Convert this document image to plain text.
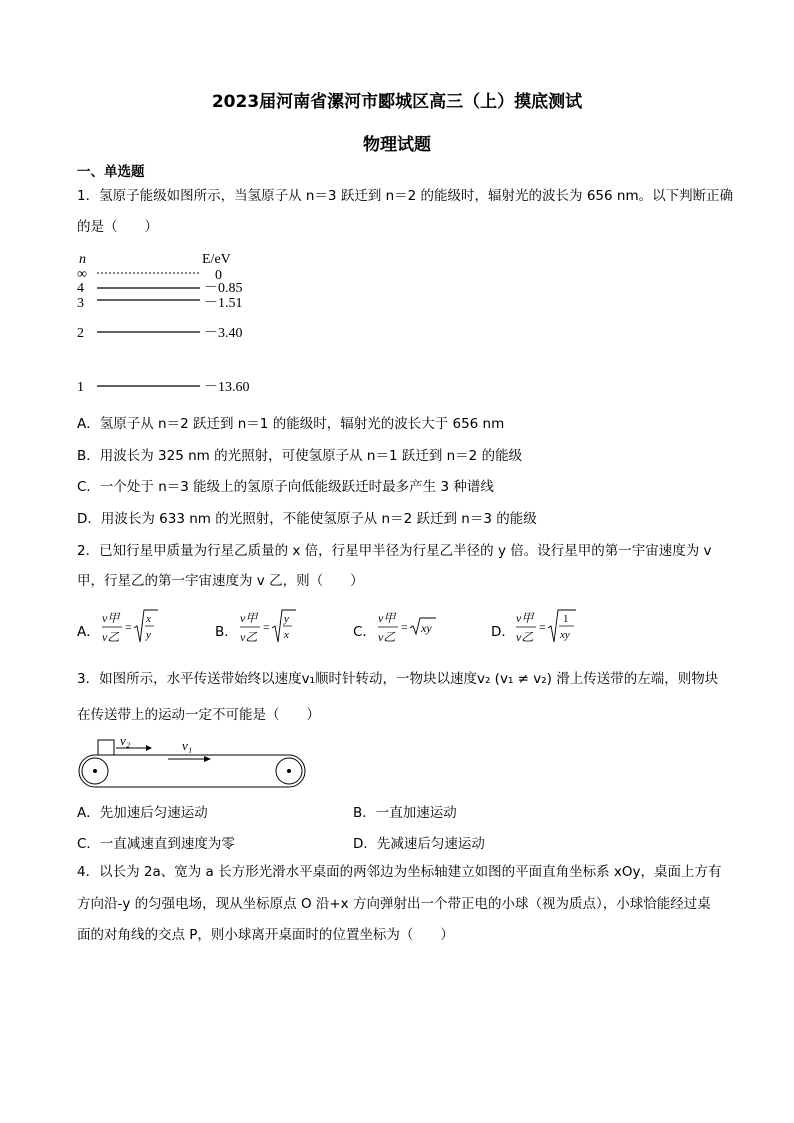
2023届河南省漯河市郾城区高三（上）摸底测试
物理试题
一、单选题
1．氢原子能级如图所示，当氢原子从 n＝3 跃迁到 n＝2 的能级时，辐射光的波长为 656 nm。以下判断正确
的是（　　）
n	E/eV
∞	0
4	－0.85
3	－1.51
2	－3.40
1	－13.60
A．氢原子从 n＝2 跃迁到 n＝1 的能级时，辐射光的波长大于 656 nm
B．用波长为 325 nm 的光照射，可使氢原子从 n＝1 跃迁到 n＝2 的能级
C．一个处于 n＝3 能级上的氢原子向低能级跃迁时最多产生 3 种谱线
D．用波长为 633 nm 的光照射，不能使氢原子从 n＝2 跃迁到 n＝3 的能级
2．已知行星甲质量为行星乙质量的 x 倍，行星甲半径为行星乙半径的 y 倍。设行星甲的第一宇宙速度为 v
甲，行星乙的第一宇宙速度为 v 乙，则（　　）
A．
v甲
v乙
=
x
y	B．
v甲
v乙
=
y
x	C．
v甲
v乙
= xy	D．
v甲
v乙
=
1
xy
3．如图所示，水平传送带始终以速度v₁顺时针转动，一物块以速度v₂ (v₁ ≠ v₂) 滑上传送带的左端，则物块
在传送带上的运动一定不可能是（　　）
v₂	v₁
A．先加速后匀速运动	B．一直加速运动
C．一直减速直到速度为零	D．先减速后匀速运动
4．以长为 2a、宽为 a 长方形光滑水平桌面的两邻边为坐标轴建立如图的平面直角坐标系 xOy，桌面上方有
方向沿-y 的匀强电场，现从坐标原点 O 沿+x 方向弹射出一个带正电的小球（视为质点），小球恰能经过桌
面的对角线的交点 P，则小球离开桌面时的位置坐标为（　　）
